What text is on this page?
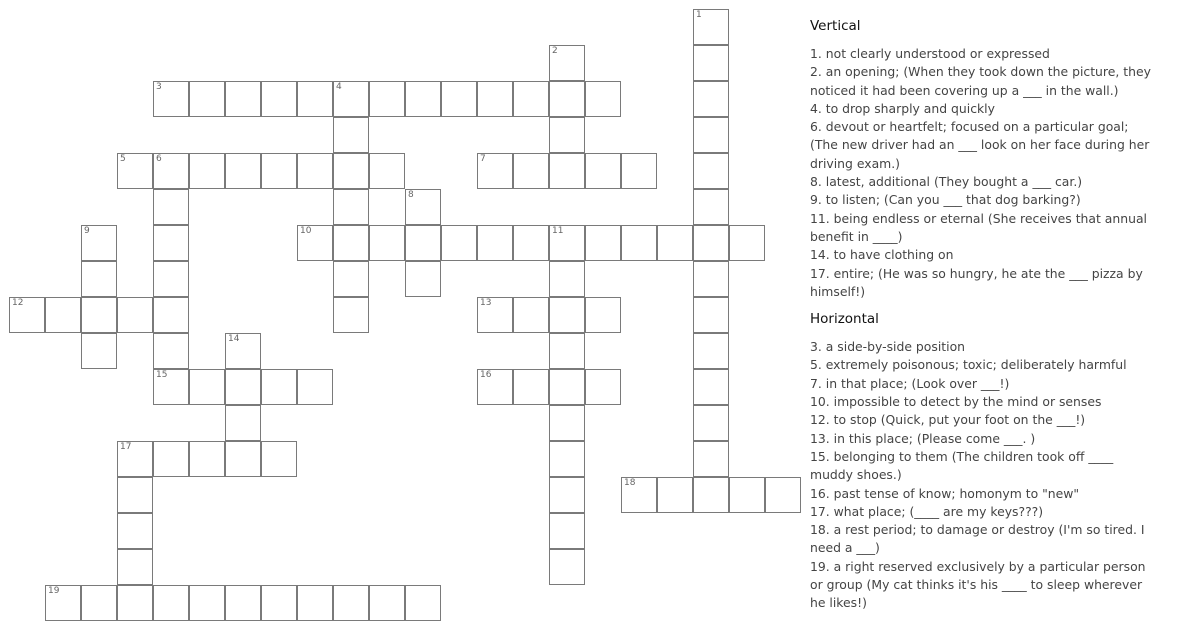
1
2
3	4
5	6
15
7
8
9	10	11
12	13
14
16
17
18
19
Vertical
1. not clearly understood or expressed
2. an opening; (When they took down the picture, they noticed it had been covering up a ___ in the wall.)
4. to drop sharply and quickly
6. devout or heartfelt; focused on a particular goal; (The new driver had an ___ look on her face during her driving exam.)
8. latest, additional (They bought a ___ car.)
9. to listen; (Can you ___ that dog barking?)
11. being endless or eternal (She receives that annual benefit in ____)
14. to have clothing on
17. entire; (He was so hungry, he ate the ___ pizza by himself!)
Horizontal
3. a side-by-side position
5. extremely poisonous; toxic; deliberately harmful
7. in that place; (Look over ___!)
10. impossible to detect by the mind or senses
12. to stop (Quick, put your foot on the ___!)
13. in this place; (Please come ___. )
15. belonging to them (The children took off ____ muddy shoes.)
16. past tense of know; homonym to "new"
17. what place; (____ are my keys???)
18. a rest period; to damage or destroy (I'm so tired. I need a ___)
19. a right reserved exclusively by a particular person or group (My cat thinks it's his ____ to sleep wherever he likes!)
